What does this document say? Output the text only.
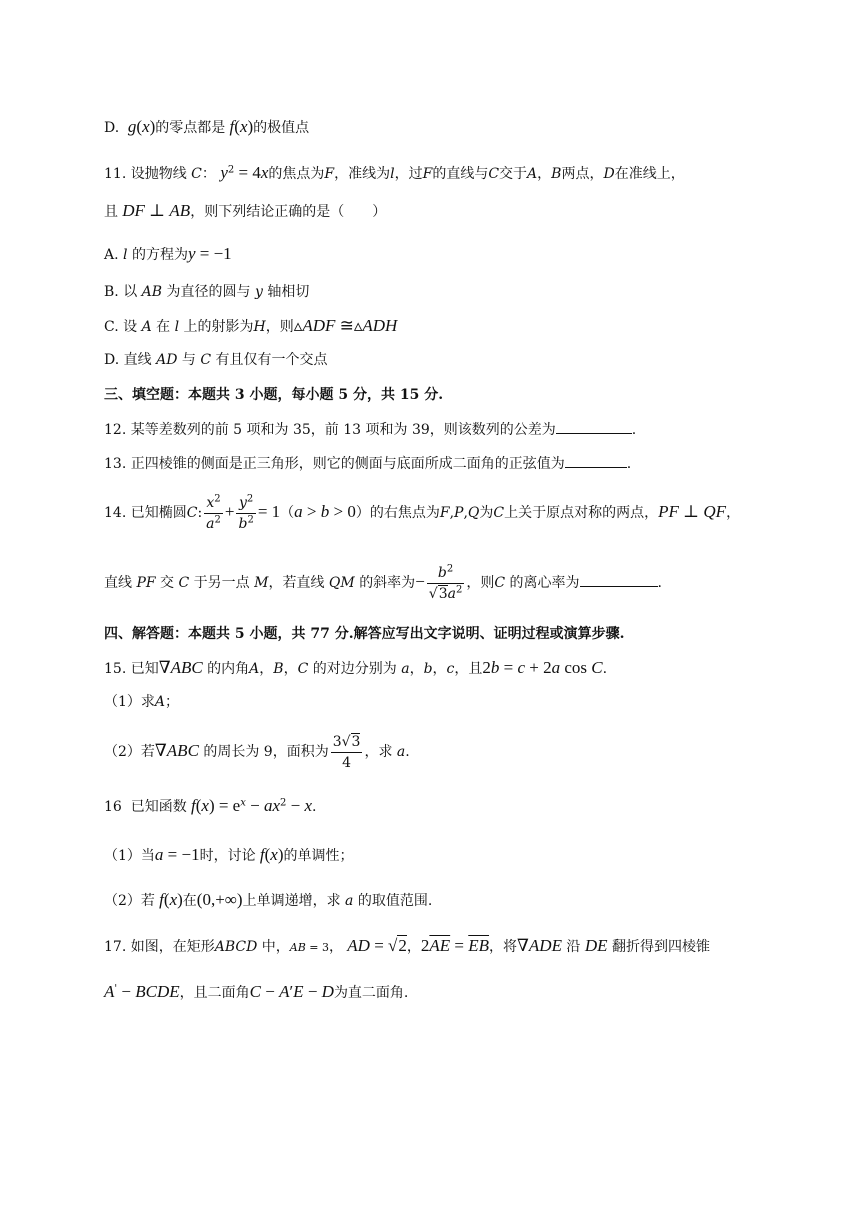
D.  g(x)的零点都是 f(x)的极值点
11. 设抛物线 C： $y^2 = 4x$的焦点为F，准线为l，过F的直线与C交于A，B两点，D在准线上，
且 DF ⊥ AB，则下列结论正确的是（　　）
A. l 的方程为y = −1
B. 以 AB 为直径的圆与 y 轴相切
C. 设 A 在 l 上的射影为H，则▵ADF ≅▵ADH
D. 直线 AD 与 C 有且仅有一个交点
三、填空题：本题共 3 小题，每小题 5 分，共 15 分.
12. 某等差数列的前 5 项和为 35，前 13 项和为 39，则该数列的公差为	.
13. 正四棱锥的侧面是正三角形，则它的侧面与底面所成二面角的正弦值为	.
14. 已知椭圆C: $\frac{x^2}{a^2} + \frac{y^2}{b^2} = 1(a > b > 0)$的右焦点为F,P,Q为C上关于原点对称的两点，PF ⊥ QF，
直线 PF 交 C 于另一点 M，若直线 QM 的斜率为− $\frac{b^2}{√3a^2}$ ，则C 的离心率为	.
四、解答题：本题共 5 小题，共 77 分.解答应写出文字说明、证明过程或演算步骤.
15. 已知∇ABC 的内角A，B，C 的对边分别为 a，b，c，且2b = c + 2a cos C.
（1）求A；
（2）若∇ABC 的周长为 9，面积为 $\frac{3√3}{4}$ ，求 a.
16 已知函数 $f(x) = e^x - ax^2 - x$.
（1）当a = −1时，讨论 f(x)的单调性；
（2）若 f(x)在(0,+∞)上单调递增，求 a 的取值范围.
17. 如图，在矩形ABCD 中，AB = 3， AD = √2，$2\overline{AE} = \overline{EB}$，将∇ADE 沿 DE 翻折得到四棱锥
A' − BCDE，且二面角C − A′E − D为直二面角.
